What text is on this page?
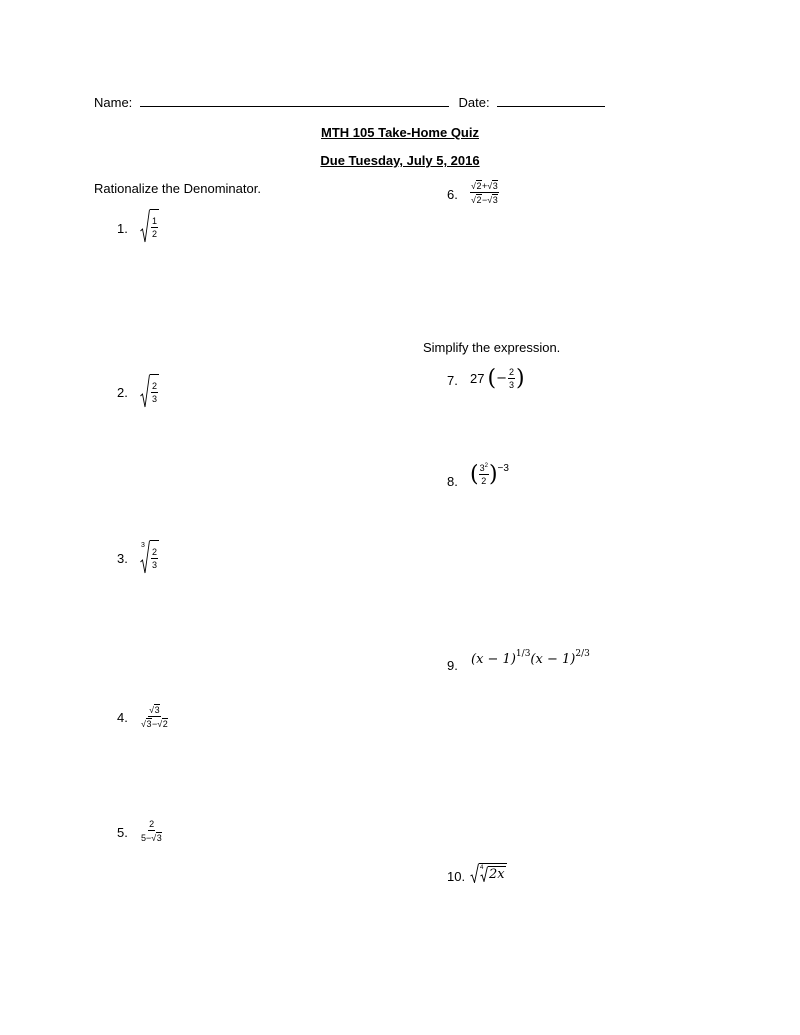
Name:	Date:
MTH 105 Take-Home Quiz
Due Tuesday, July 5, 2016
Rationalize the Denominator.
Simplify the expression.
1.	$\frac{1}{2}$
2.	$\frac{2}{3}$
3.
3
$\frac{2}{3}$
4. $\frac{√ 3}{√ 3 - √ 2}$
5. $\frac{2}{5- √ 3}$
6. $\frac{√ 2 + √ 3}{√ 2 - √ 3}$
7. 27 ( − $\frac{2}{3}$ )
8. ( $\frac{3^2}{2}$ ) −3
9. (x − 1) 1/3 (x − 1) 2/3
10.
4 2x
